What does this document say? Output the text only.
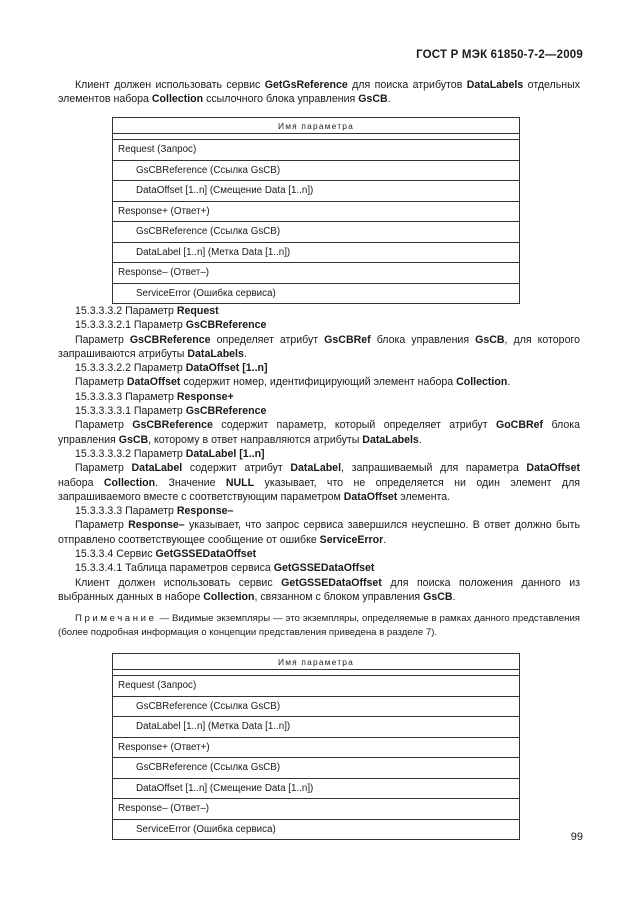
ГОСТ Р МЭК 61850-7-2—2009

Клиент должен использовать сервис GetGsReference для поиска атрибутов DataLabels отдельных элементов набора Collection ссылочного блока управления GsCB.

Имя параметра

Request (Запрос)
GsCBReference (Ссылка GsCB)
DataOffset [1..n] (Смещение Data [1..n])
Response+ (Ответ+)
GsCBReference (Ссылка GsCB)
DataLabel [1..n] (Метка Data [1..n])
Response– (Ответ–)
ServiceError (Ошибка сервиса)

15.3.3.3.2 Параметр Request

15.3.3.3.2.1 Параметр GsCBReference

Параметр GsCBReference определяет атрибут GsCBRef блока управления GsCB, для которого запрашиваются атрибуты DataLabels.

15.3.3.3.2.2 Параметр DataOffset [1..n]

Параметр DataOffset содержит номер, идентифицирующий элемент набора Collection.

15.3.3.3.3 Параметр Response+

15.3.3.3.3.1 Параметр GsCBReference

Параметр GsCBReference содержит параметр, который определяет атрибут GoCBRef блока управления GsCB, которому в ответ направляются атрибуты DataLabels.

15.3.3.3.3.2 Параметр DataLabel [1..n]

Параметр DataLabel содержит атрибут DataLabel, запрашиваемый для параметра DataOffset набора Collection. Значение NULL указывает, что не определяется ни один элемент для запрашиваемого вместе с соответствующим параметром DataOffset элемента.

15.3.3.3.3 Параметр Response–

Параметр Response– указывает, что запрос сервиса завершился неуспешно. В ответ должно быть отправлено соответствующее сообщение от ошибке ServiceError.

15.3.3.4 Сервис GetGSSEDataOffset

15.3.3.4.1 Таблица параметров сервиса GetGSSEDataOffset

Клиент должен использовать сервис GetGSSEDataOffset для поиска положения данного из выбранных данных в наборе Collection, связанном с блоком управления GsCB.

Примечание — Видимые экземпляры — это экземпляры, определяемые в рамках данного представления (более подробная информация о концепции представления приведена в разделе 7).

Имя параметра

Request (Запрос)
GsCBReference (Ссылка GsCB)
DataLabel [1..n] (Метка Data [1..n])
Response+ (Ответ+)
GsCBReference (Ссылка GsCB)
DataOffset [1..n] (Смещение Data [1..n])
Response– (Ответ–)
ServiceError (Ошибка сервиса)
99
